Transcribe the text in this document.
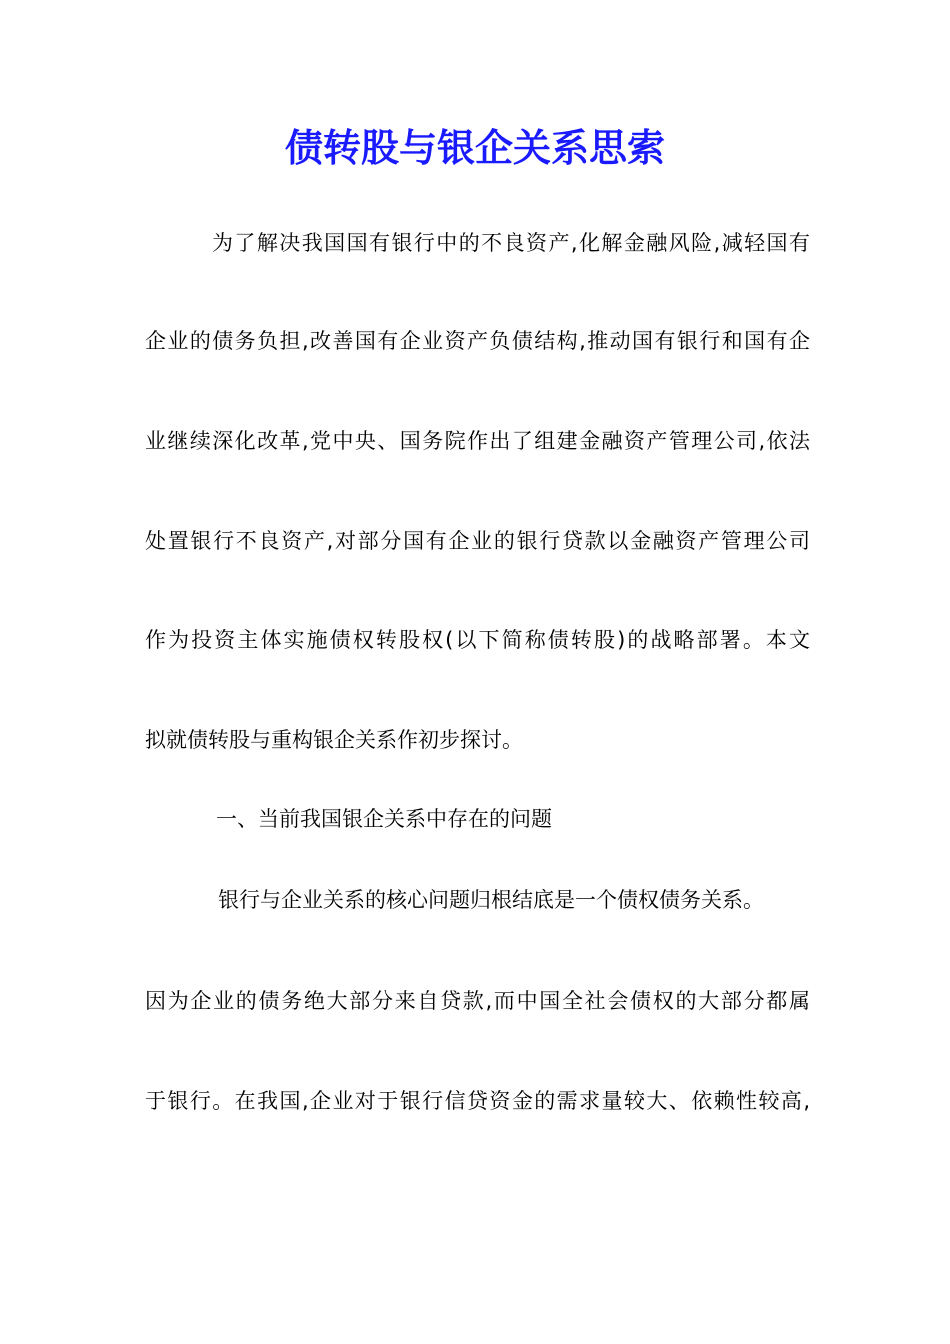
债转股与银企关系思索

为了解决我国国有银行中的不良资产,化解金融风险,减轻国有

企业的债务负担,改善国有企业资产负债结构,推动国有银行和国有企

业继续深化改革,党中央、国务院作出了组建金融资产管理公司,依法

处置银行不良资产,对部分国有企业的银行贷款以金融资产管理公司

作为投资主体实施债权转股权(以下简称债转股)的战略部署。本文

拟就债转股与重构银企关系作初步探讨。

一、当前我国银企关系中存在的问题

银行与企业关系的核心问题归根结底是一个债权债务关系。

因为企业的债务绝大部分来自贷款,而中国全社会债权的大部分都属

于银行。在我国,企业对于银行信贷资金的需求量较大、依赖性较高,
